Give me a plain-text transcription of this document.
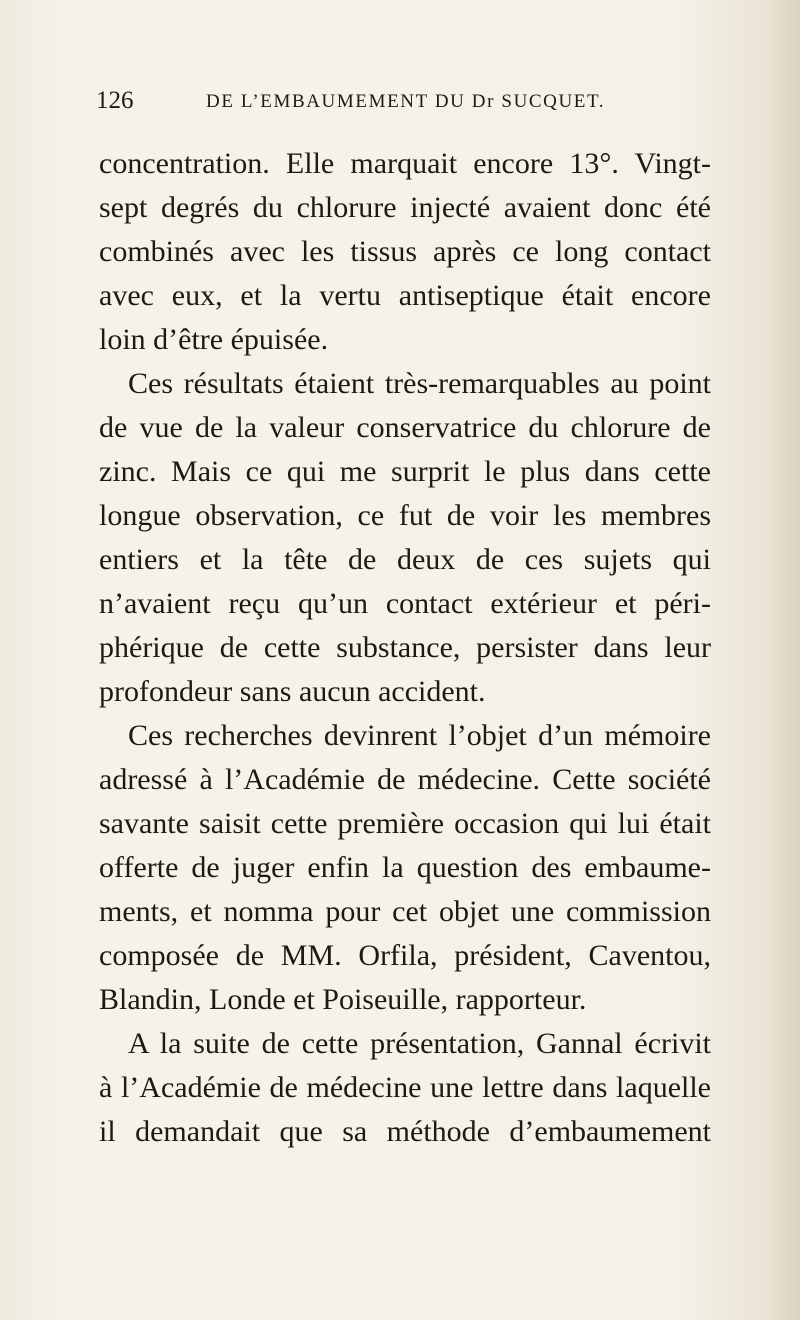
126	DE L’EMBAUMEMENT DU Dr SUCQUET.
concentration. Elle marquait encore 13°. Vingt-
sept degrés du chlorure injecté avaient donc été
combinés avec les tissus après ce long contact
avec eux, et la vertu antiseptique était encore
loin d’être épuisée.
Ces résultats étaient très-remarquables au point
de vue de la valeur conservatrice du chlorure de
zinc. Mais ce qui me surprit le plus dans cette
longue observation, ce fut de voir les membres
entiers et la tête de deux de ces sujets qui
n’avaient reçu qu’un contact extérieur et péri-
phérique de cette substance, persister dans leur
profondeur sans aucun accident.
Ces recherches devinrent l’objet d’un mémoire
adressé à l’Académie de médecine. Cette société
savante saisit cette première occasion qui lui était
offerte de juger enfin la question des embaume-
ments, et nomma pour cet objet une commission
composée de MM. Orfila, président, Caventou,
Blandin, Londe et Poiseuille, rapporteur.
A la suite de cette présentation, Gannal écrivit
à l’Académie de médecine une lettre dans laquelle
il demandait que sa méthode d’embaumement
